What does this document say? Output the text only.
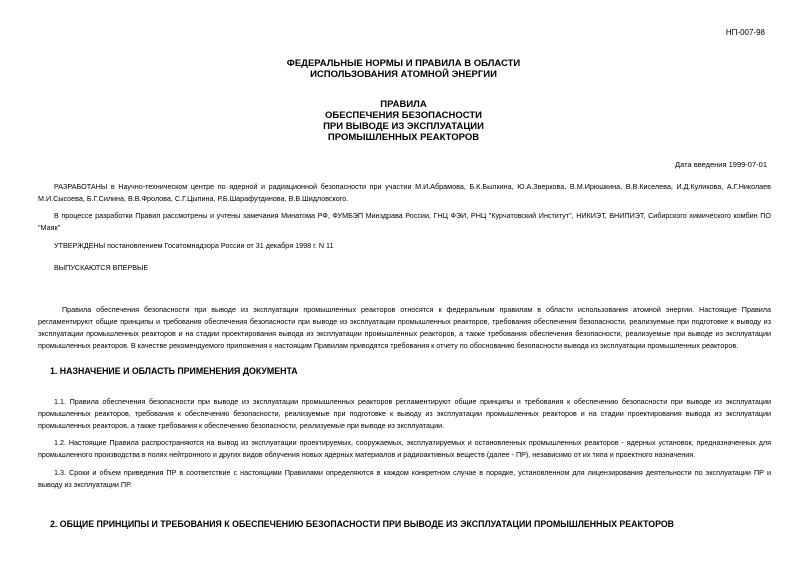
НП-007-98
ФЕДЕРАЛЬНЫЕ НОРМЫ И ПРАВИЛА В ОБЛАСТИ
ИСПОЛЬЗОВАНИЯ АТОМНОЙ ЭНЕРГИИ
ПРАВИЛА
ОБЕСПЕЧЕНИЯ БЕЗОПАСНОСТИ
ПРИ ВЫВОДЕ ИЗ ЭКСПЛУАТАЦИИ
ПРОМЫШЛЕННЫХ РЕАКТОРОВ
Дата введения 1999-07-01

РАЗРАБОТАНЫ в Научно-техническом центре по ядерной и радиационной безопасности при участии М.И.Абрамова, Б.К.Былкина, Ю.А.Зверкова, В.М.Ирюшкина, В.В.Киселева, И.Д.Куликова, А.Г.Николаев М.И.Сысоева, Б.Г.Силина, В.В.Фролова, С.Г.Цыпина, Р.Б.Шарафутдинова, В.В.Шидловского.

В процессе разработки Правил рассмотрены и учтены замечания Минатома РФ, ФУМБЭП Минздрава России, ГНЦ ФЭИ, РНЦ "Курчатовский Институт", НИКИЭТ, ВНИПИЭТ, Сибирского химического комбин ПО "Маяк"

УТВЕРЖДЕНЫ постановлением Госатомнадзора России от 31 декабря 1998 г. N 11

ВЫПУСКАЮТСЯ ВПЕРВЫЕ

Правила обеспечения безопасности при выводе из эксплуатации промышленных реакторов относятся к федеральным правилам в области использования атомной энергии. Настоящие Правила регламентируют общие принципы и требования обеспечения безопасности при выводе из эксплуатации промышленных реакторов, требования обеспечения безопасности, реализуемые при подготовке к выводу из эксплуатации промышленных реакторов и на стадии проектирования вывода из эксплуатации промышленных реакторов, а также требования обеспечения безопасности, реализуемые при выводе из эксплуатации промышленных реакторов. В качестве рекомендуемого приложения к настоящим Правилам приводятся требования к отчету по обоснованию безопасности вывода из эксплуатации промышленных реакторов.

1. НАЗНАЧЕНИЕ И ОБЛАСТЬ ПРИМЕНЕНИЯ ДОКУМЕНТА

1.1. Правила обеспечения безопасности при выводе из эксплуатации промышленных реакторов регламентируют общие принципы и требования к обеспечению безопасности при выводе из эксплуатации промышленных реакторов, требования к обеспечению безопасности, реализуемые при подготовке к выводу из эксплуатации промышленных реакторов и на стадии проектирования вывода из эксплуатации промышленных реакторов, а также требования к обеспечению безопасности, реализуемые при выводе из эксплуатации.

1.2. Настоящие Правила распространяются на вывод из эксплуатации проектируемых, сооружаемых, эксплуатируемых и остановленных промышленных реакторов - ядерных установок, предназначенных для промышленного производства в полях нейтронного и других видов облучения новых ядерных материалов и радиоактивных веществ (далее - ПР), независимо от их типа и проектного назначения.

1.3. Сроки и объем приведения ПР в соответствие с настоящими Правилами определяются в каждом конкретном случае в порядке, установленном для лицензирования деятельности по эксплуатации ПР и выводу из эксплуатации ПР.

2. ОБЩИЕ ПРИНЦИПЫ И ТРЕБОВАНИЯ К ОБЕСПЕЧЕНИЮ БЕЗОПАСНОСТИ ПРИ ВЫВОДЕ ИЗ ЭКСПЛУАТАЦИИ ПРОМЫШЛЕННЫХ РЕАКТОРОВ
